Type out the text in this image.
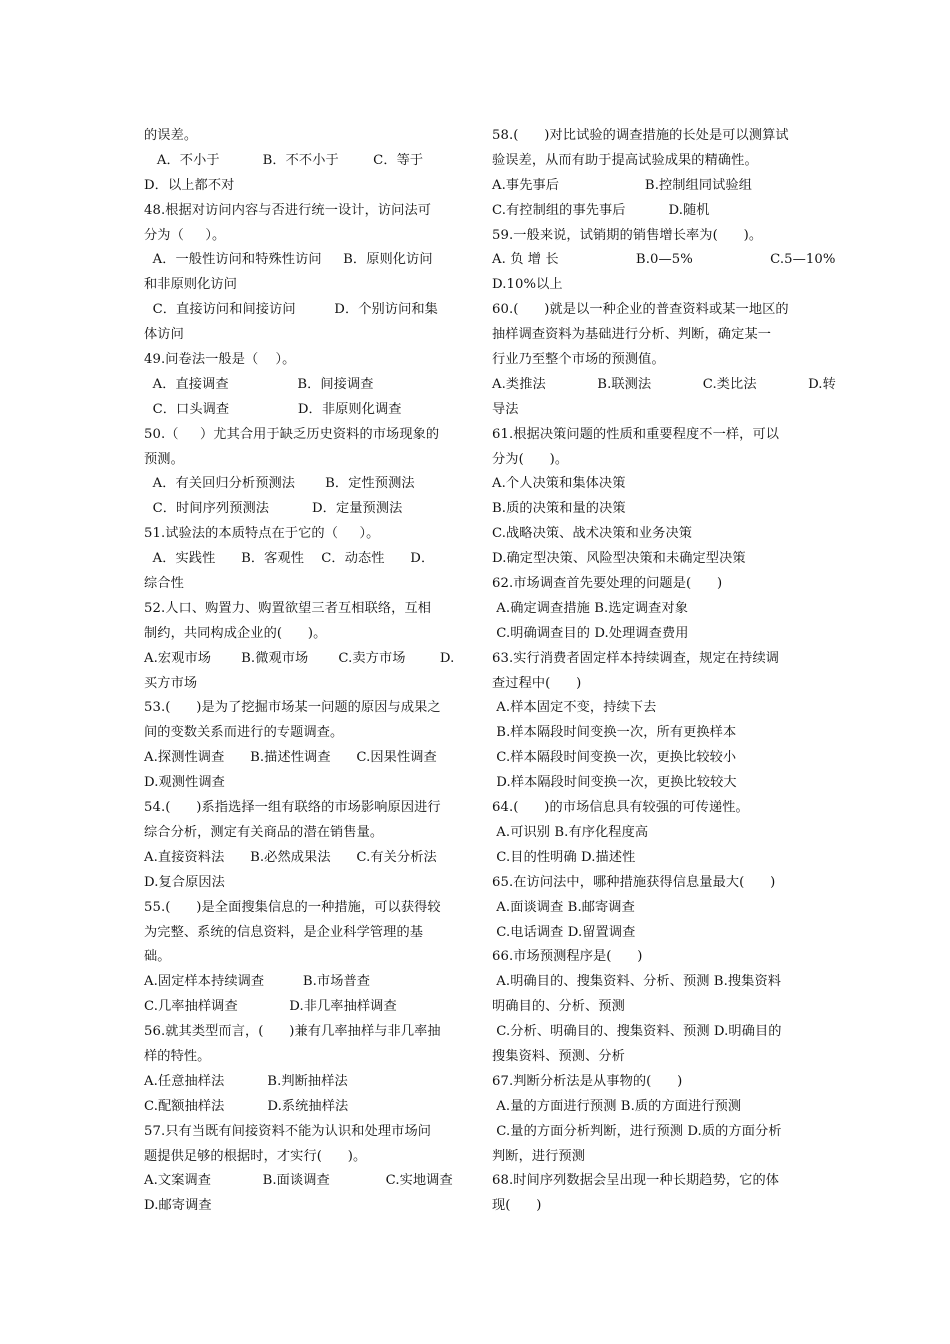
的误差。
A．不小于          B．不不小于        C．等于
D．以上都不对
48.根据对访问内容与否进行统一设计，访问法可
分为（     ）。
A．一般性访问和特殊性访问     B．原则化访问
和非原则化访问
C．直接访问和间接访问         D．个别访问和集
体访问
49.问卷法一般是（    ）。
A．直接调查                B．间接调查
C．口头调查                D．非原则化调查
50.（     ）尤其合用于缺乏历史资料的市场现象的
预测。
A．有关回归分析预测法       B．定性预测法
C．时间序列预测法          D．定量预测法
51.试验法的本质特点在于它的（     ）。
A．实践性      B．客观性    C．动态性      D．
综合性
52.人口、购置力、购置欲望三者互相联络，互相
制约，共同构成企业的(      )。
A.宏观市场       B.微观市场       C.卖方市场        D.
买方市场
53.(      )是为了挖掘市场某一问题的原因与成果之
间的变数关系而进行的专题调查。
A.探测性调查      B.描述性调查      C.因果性调查
D.观测性调查
54.(      )系指选择一组有联络的市场影响原因进行
综合分析，测定有关商品的潜在销售量。
A.直接资料法      B.必然成果法      C.有关分析法
D.复合原因法
55.(      )是全面搜集信息的一种措施，可以获得较
为完整、系统的信息资料，是企业科学管理的基
础。
A.固定样本持续调查         B.市场普查
C.几率抽样调查            D.非几率抽样调查
56.就其类型而言，(      )兼有几率抽样与非几率抽
样的特性。
A.任意抽样法          B.判断抽样法
C.配额抽样法          D.系统抽样法
57.只有当既有间接资料不能为认识和处理市场问
题提供足够的根据时，才实行(      )。
A.文案调查            B.面谈调查             C.实地调查
D.邮寄调查
58.(      )对比试验的调查措施的长处是可以测算试
验误差，从而有助于提高试验成果的精确性。
A.事先事后                    B.控制组同试验组
C.有控制组的事先事后          D.随机
59.一般来说，试销期的销售增长率为(      )。
A. 负 增 长                  B.0—5%                  C.5—10%
D.10%以上
60.(      )就是以一种企业的普查资料或某一地区的
抽样调查资料为基础进行分析、判断，确定某一
行业乃至整个市场的预测值。
A.类推法            B.联测法            C.类比法            D.转
导法
61.根据决策问题的性质和重要程度不一样，可以
分为(      )。
A.个人决策和集体决策
B.质的决策和量的决策
C.战略决策、战术决策和业务决策
D.确定型决策、风险型决策和未确定型决策
62.市场调查首先要处理的问题是(      )
A.确定调查措施 B.选定调查对象
C.明确调查目的 D.处理调查费用
63.实行消费者固定样本持续调查，规定在持续调
查过程中(      )
A.样本固定不变，持续下去
B.样本隔段时间变换一次，所有更换样本
C.样本隔段时间变换一次，更换比较较小
D.样本隔段时间变换一次，更换比较较大
64.(      )的市场信息具有较强的可传递性。
A.可识别 B.有序化程度高
C.目的性明确 D.描述性
65.在访问法中，哪种措施获得信息量最大(      )
A.面谈调查 B.邮寄调查
C.电话调查 D.留置调查
66.市场预测程序是(      )
A.明确目的、搜集资料、分析、预测 B.搜集资料
明确目的、分析、预测
C.分析、明确目的、搜集资料、预测 D.明确目的
搜集资料、预测、分析
67.判断分析法是从事物的(      )
A.量的方面进行预测 B.质的方面进行预测
C.量的方面分析判断，进行预测 D.质的方面分析
判断，进行预测
68.时间序列数据会呈出现一种长期趋势，它的体
现(      )
